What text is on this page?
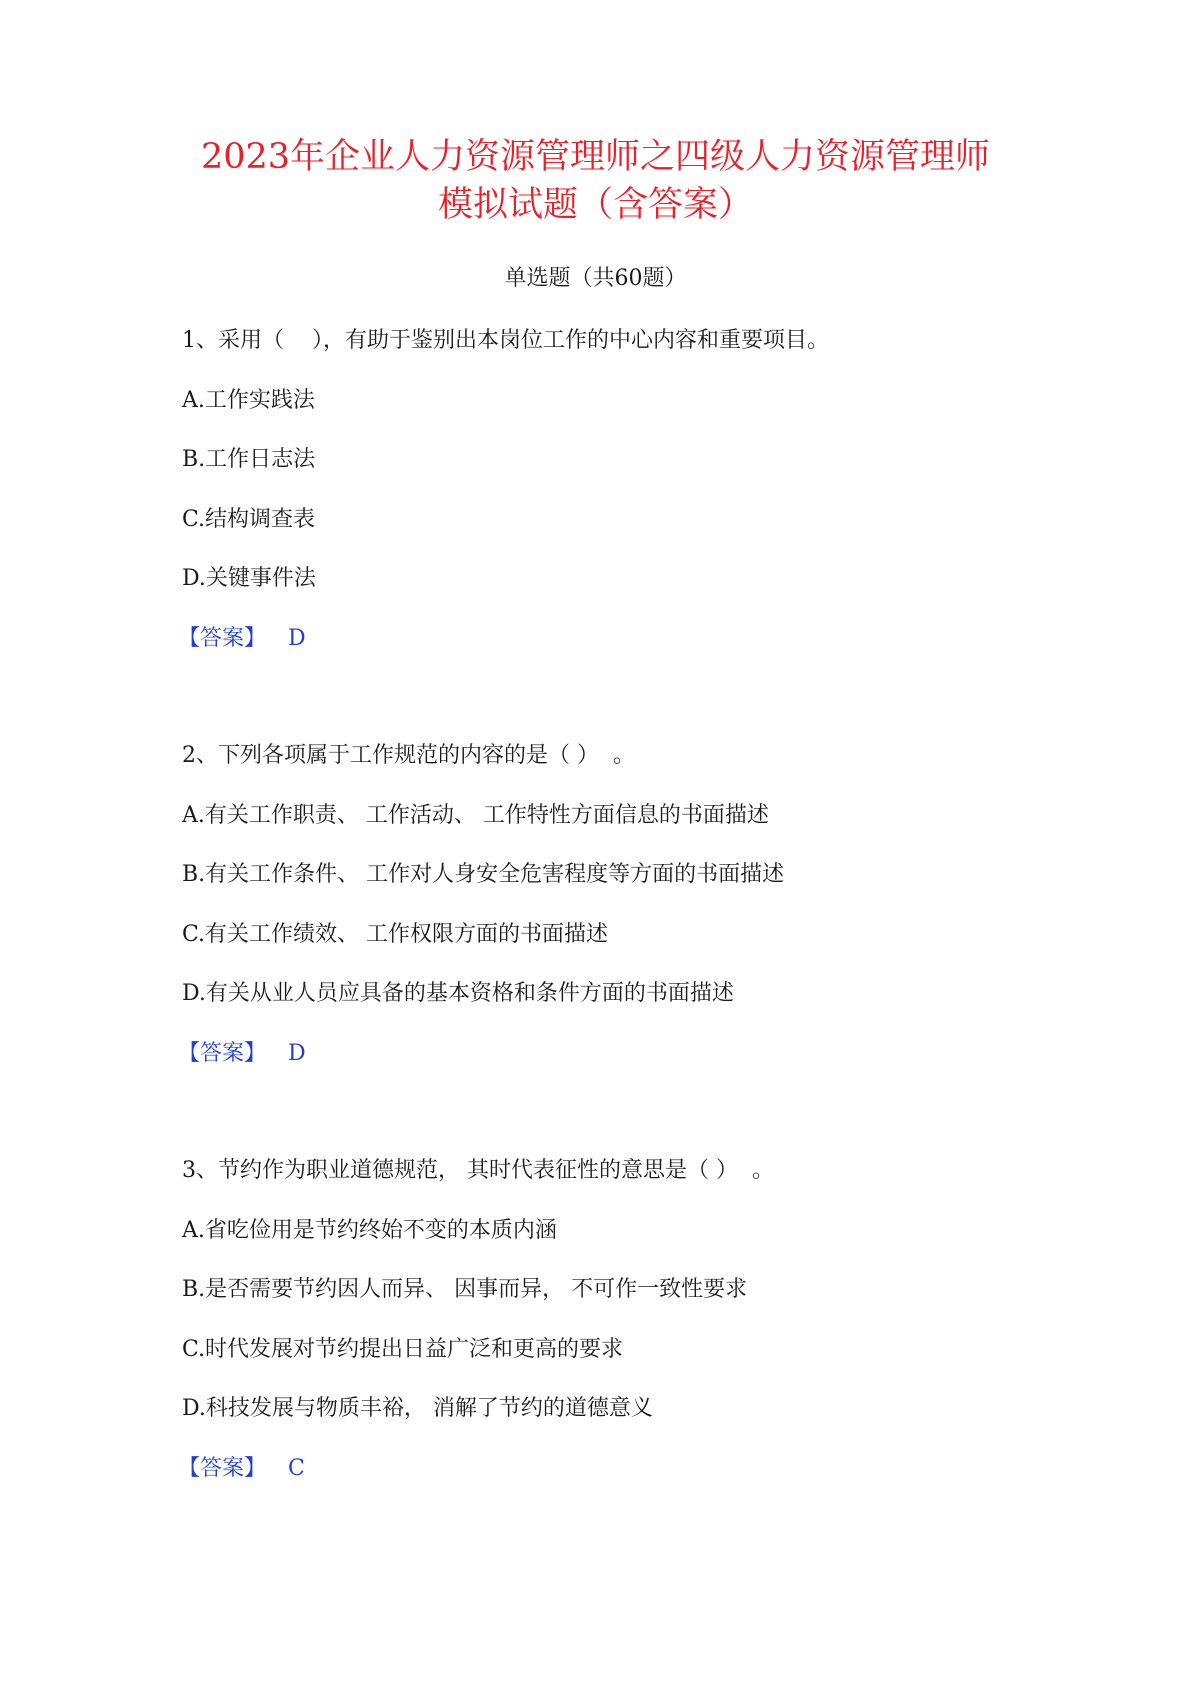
2023年企业人力资源管理师之四级人力资源管理师
模拟试题（含答案）
单选题（共60题）
1、采用（    ），有助于鉴别出本岗位工作的中心内容和重要项目。
A.工作实践法
B.工作日志法
C.结构调查表
D.关键事件法
【答案】 D
2、下列各项属于工作规范的内容的是（ ）  。
A.有关工作职责、 工作活动、 工作特性方面信息的书面描述
B.有关工作条件、 工作对人身安全危害程度等方面的书面描述
C.有关工作绩效、 工作权限方面的书面描述
D.有关从业人员应具备的基本资格和条件方面的书面描述
【答案】 D
3、节约作为职业道德规范， 其时代表征性的意思是（ ）  。
A.省吃俭用是节约终始不变的本质内涵
B.是否需要节约因人而异、 因事而异， 不可作一致性要求
C.时代发展对节约提出日益广泛和更高的要求
D.科技发展与物质丰裕， 消解了节约的道德意义
【答案】 C
